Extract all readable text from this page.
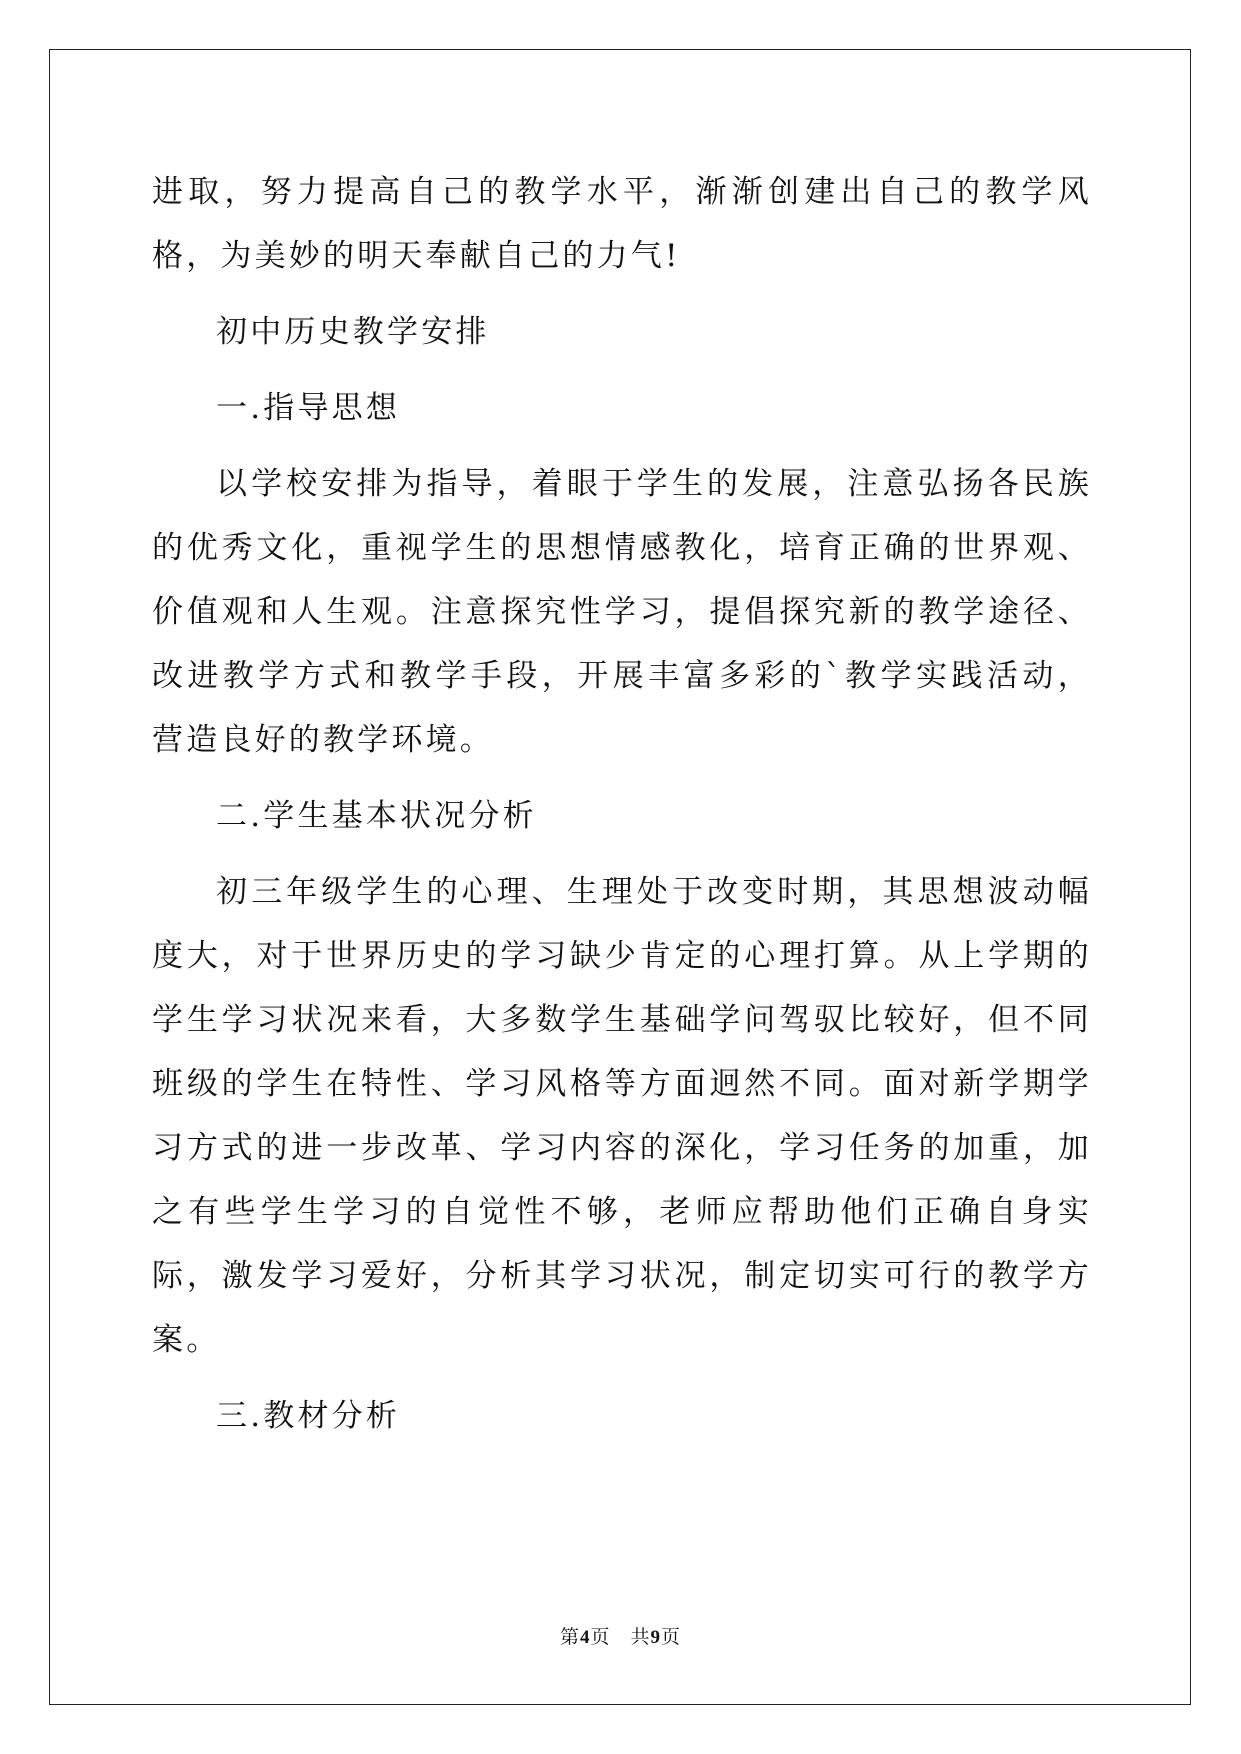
进取，努力提高自己的教学水平，渐渐创建出自己的教学风格，为美妙的明天奉献自己的力气!

初中历史教学安排

一.指导思想

以学校安排为指导，着眼于学生的发展，注意弘扬各民族的优秀文化，重视学生的思想情感教化，培育正确的世界观、价值观和人生观。注意探究性学习，提倡探究新的教学途径、改进教学方式和教学手段，开展丰富多彩的`教学实践活动，营造良好的教学环境。

二.学生基本状况分析

初三年级学生的心理、生理处于改变时期，其思想波动幅度大，对于世界历史的学习缺少肯定的心理打算。从上学期的学生学习状况来看，大多数学生基础学问驾驭比较好，但不同班级的学生在特性、学习风格等方面迥然不同。面对新学期学习方式的进一步改革、学习内容的深化，学习任务的加重，加之有些学生学习的自觉性不够，老师应帮助他们正确自身实际，激发学习爱好，分析其学习状况，制定切实可行的教学方案。

三.教材分析

第4页 共9页
